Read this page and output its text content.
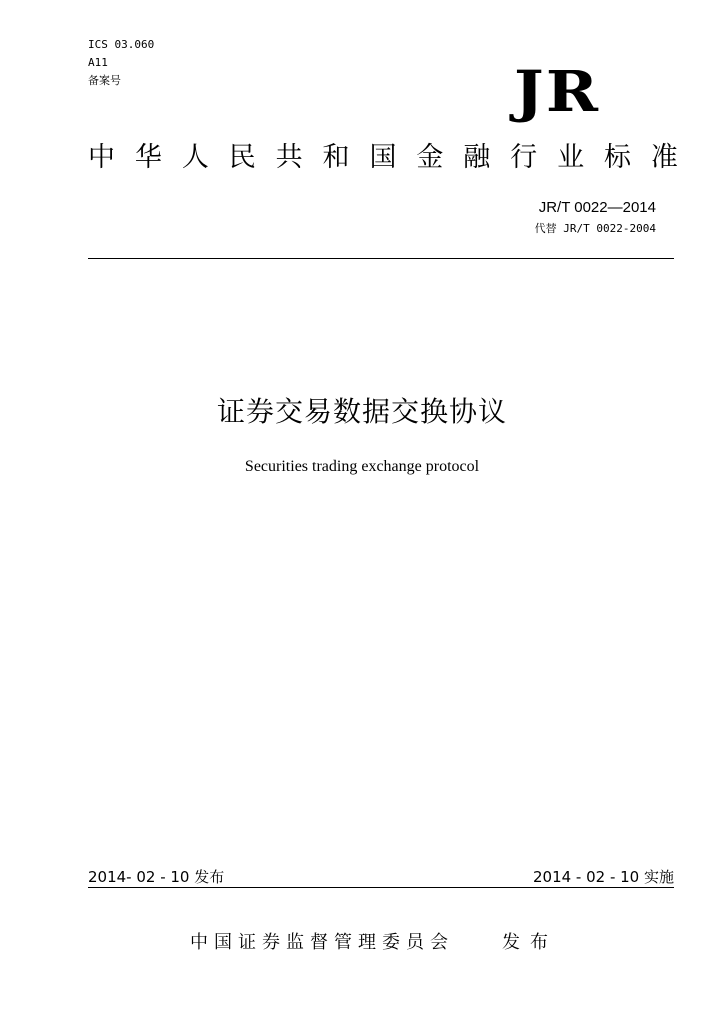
ICS 03.060
A11
备案号	JR
中 华 人 民 共 和 国 金 融 行 业 标 准
JR/T 0022—2014
代替 JR/T 0022-2004
证券交易数据交换协议
Securities trading exchange protocol
2014- 02 - 10 发布	2014 - 02 - 10 实施
中国证券监督管理委员会	发布
